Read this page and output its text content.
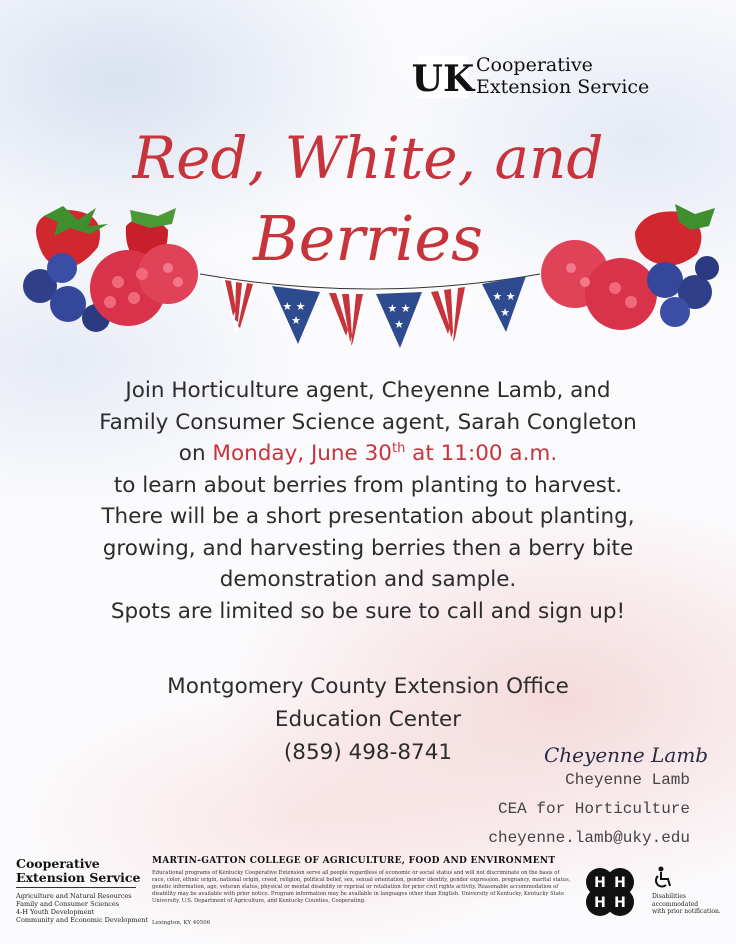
UK Cooperative
Extension Service
Red, White, and
Berries
★ ★
★
★ ★
★
★ ★
★
Join Horticulture agent, Cheyenne Lamb, and
Family Consumer Science agent, Sarah Congleton
on Monday, June 30th at 11:00 a.m.
to learn about berries from planting to harvest.
There will be a short presentation about planting,
growing, and harvesting berries then a berry bite
demonstration and sample.
Spots are limited so be sure to call and sign up!
Montgomery County Extension Office
Education Center
(859) 498-8741	Cheyenne Lamb
Cheyenne Lamb
CEA for Horticulture
cheyenne.lamb@uky.edu
Cooperative
Extension Service
Agriculture and Natural Resources
Family and Consumer Sciences
4-H Youth Development
Community and Economic Development
MARTIN-GATTON COLLEGE OF AGRICULTURE, FOOD AND ENVIRONMENT
Educational programs of Kentucky Cooperative Extension serve all people regardless of economic or social status and will not discriminate on the basis of race, color, ethnic origin, national origin, creed, religion, political belief, sex, sexual orientation, gender identity, gender expression, pregnancy, marital status, genetic information, age, veteran status, physical or mental disability or reprisal or retaliation for prior civil rights activity. Reasonable accommodation of disability may be available with prior notice. Program information may be available in languages other than English. University of Kentucky, Kentucky State University, U.S. Department of Agriculture, and Kentucky Counties, Cooperating.
Lexington, KY 40506
H H
H H	Disabilities
accommodated
with prior notification.
